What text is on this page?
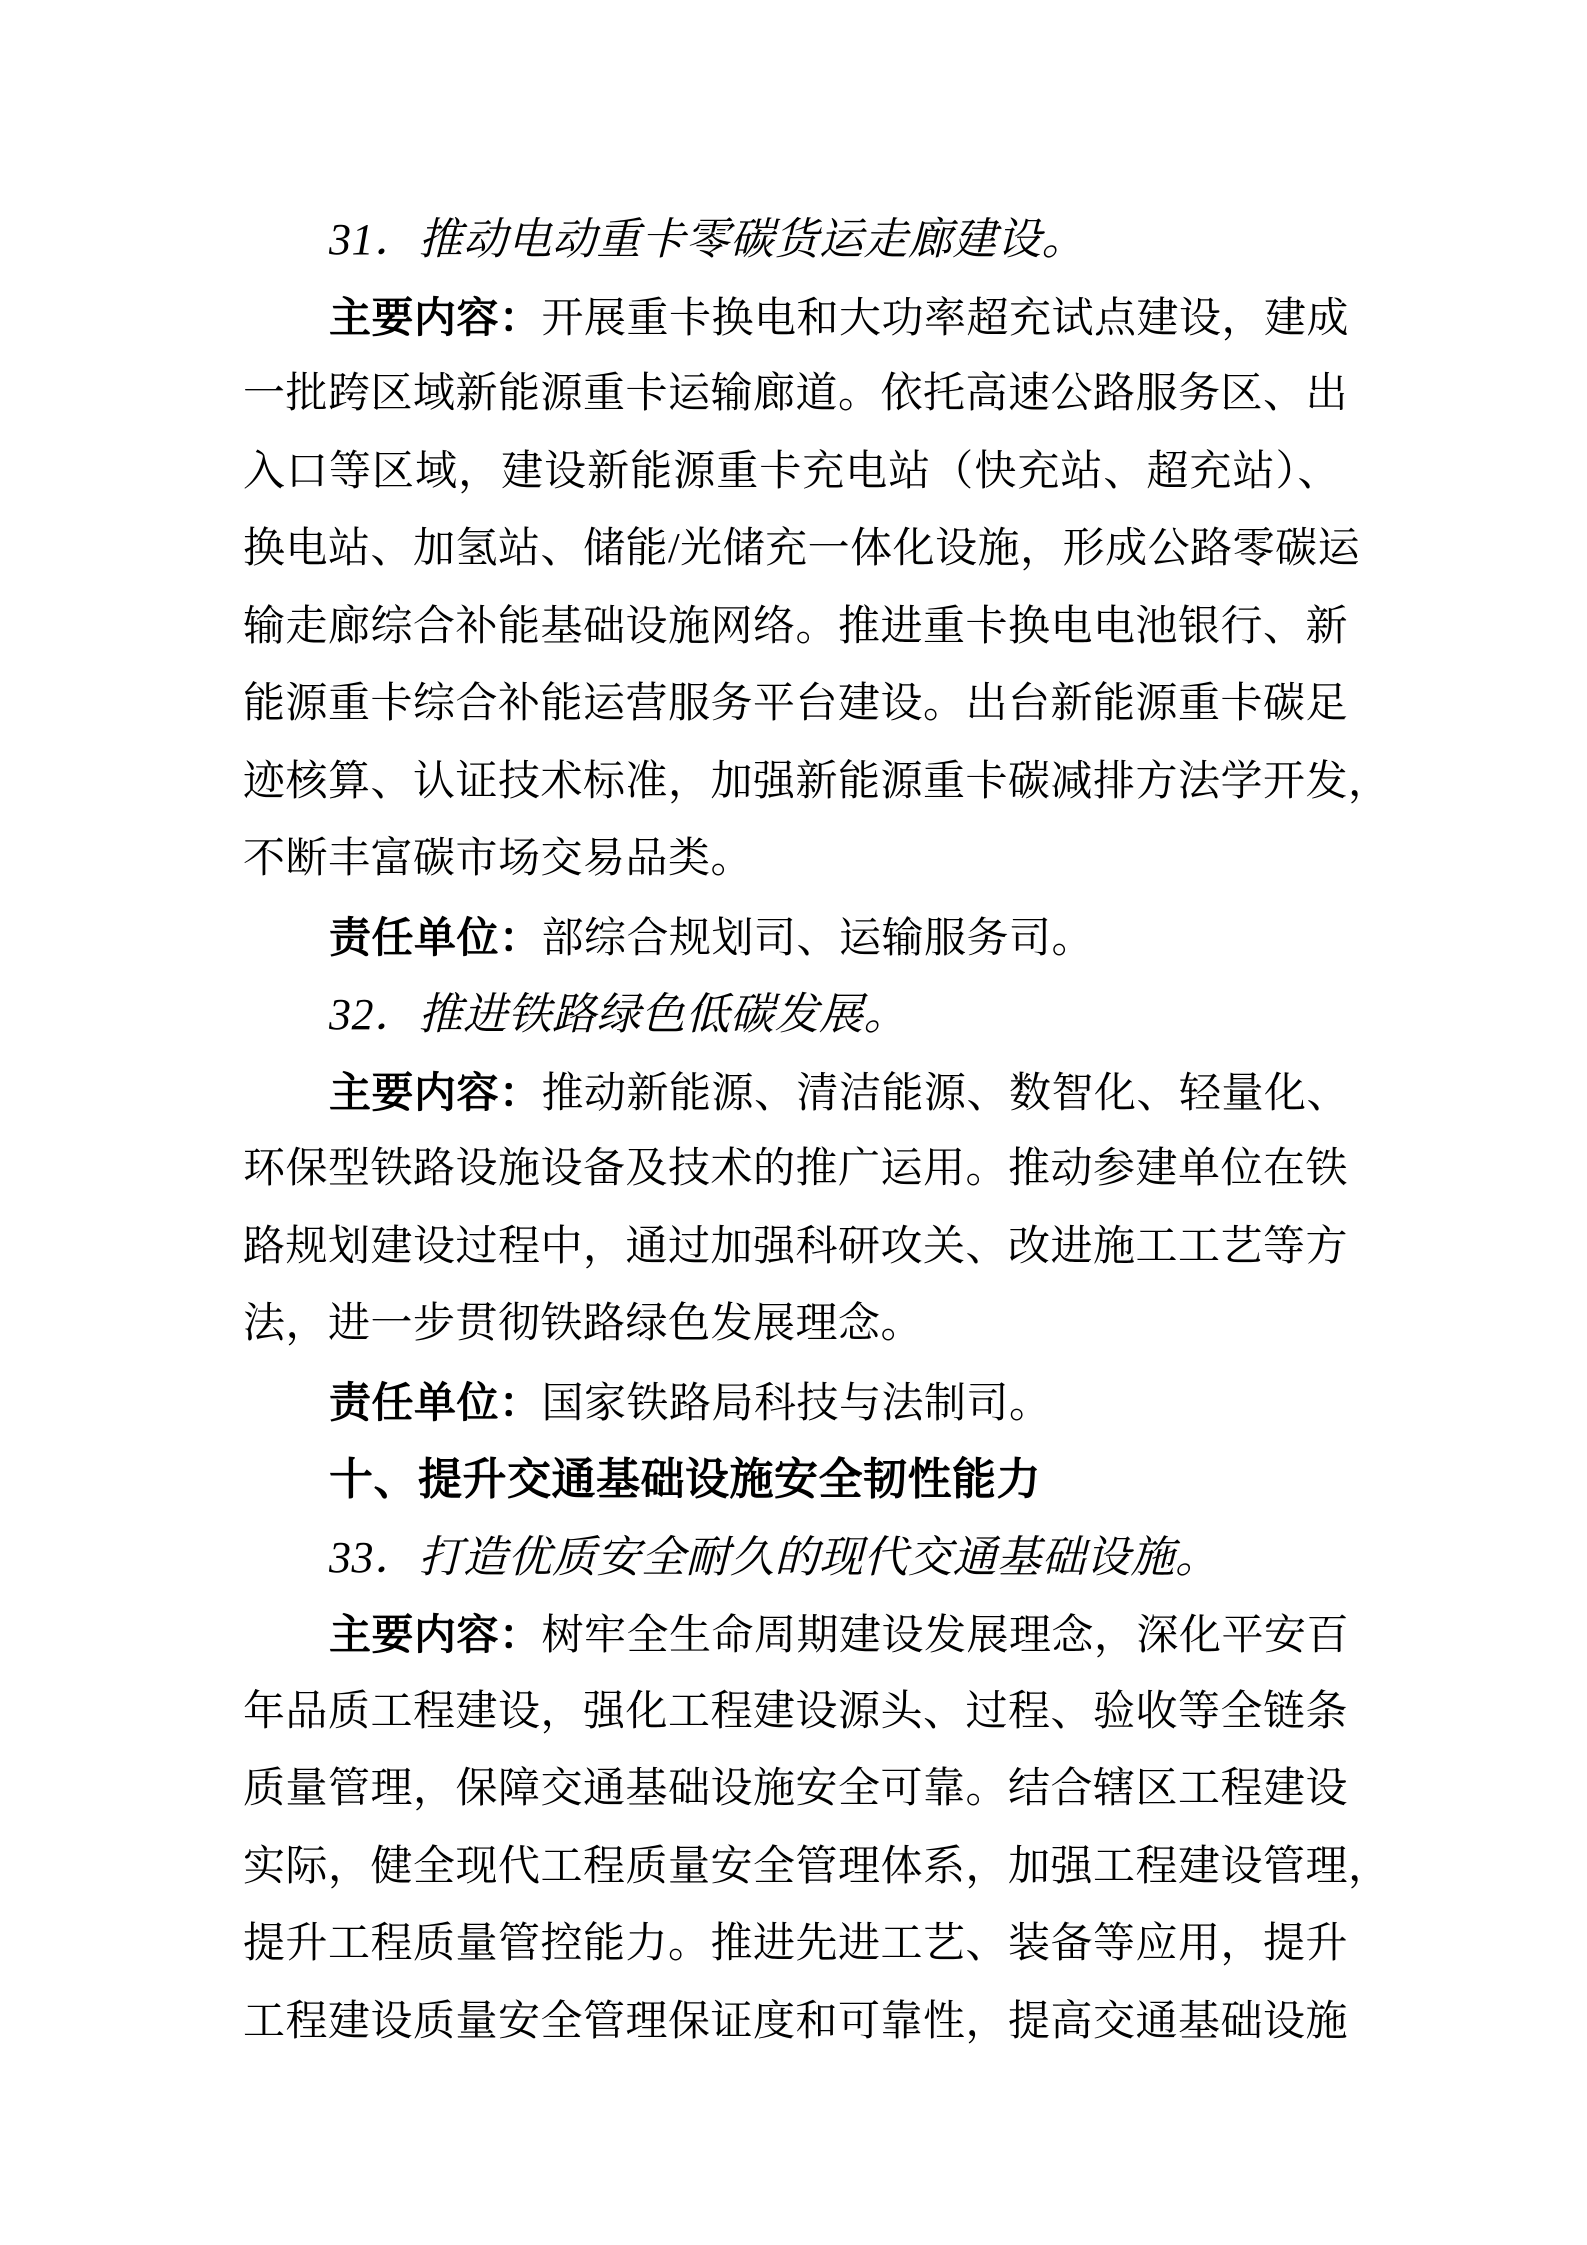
31．推动电动重卡零碳货运走廊建设。
主要内容：开展重卡换电和大功率超充试点建设，建成
一批跨区域新能源重卡运输廊道。依托高速公路服务区、出
入口等区域，建设新能源重卡充电站（快充站、超充站）、
换电站、加氢站、储能/光储充一体化设施，形成公路零碳运
输走廊综合补能基础设施网络。推进重卡换电电池银行、新
能源重卡综合补能运营服务平台建设。出台新能源重卡碳足
迹核算、认证技术标准，加强新能源重卡碳减排方法学开发，
不断丰富碳市场交易品类。
责任单位：部综合规划司、运输服务司。
32．推进铁路绿色低碳发展。
主要内容：推动新能源、清洁能源、数智化、轻量化、
环保型铁路设施设备及技术的推广运用。推动参建单位在铁
路规划建设过程中，通过加强科研攻关、改进施工工艺等方
法，进一步贯彻铁路绿色发展理念。
责任单位：国家铁路局科技与法制司。
十、提升交通基础设施安全韧性能力
33．打造优质安全耐久的现代交通基础设施。
主要内容：树牢全生命周期建设发展理念，深化平安百
年品质工程建设，强化工程建设源头、过程、验收等全链条
质量管理，保障交通基础设施安全可靠。结合辖区工程建设
实际，健全现代工程质量安全管理体系，加强工程建设管理，
提升工程质量管控能力。推进先进工艺、装备等应用，提升
工程建设质量安全管理保证度和可靠性，提高交通基础设施
